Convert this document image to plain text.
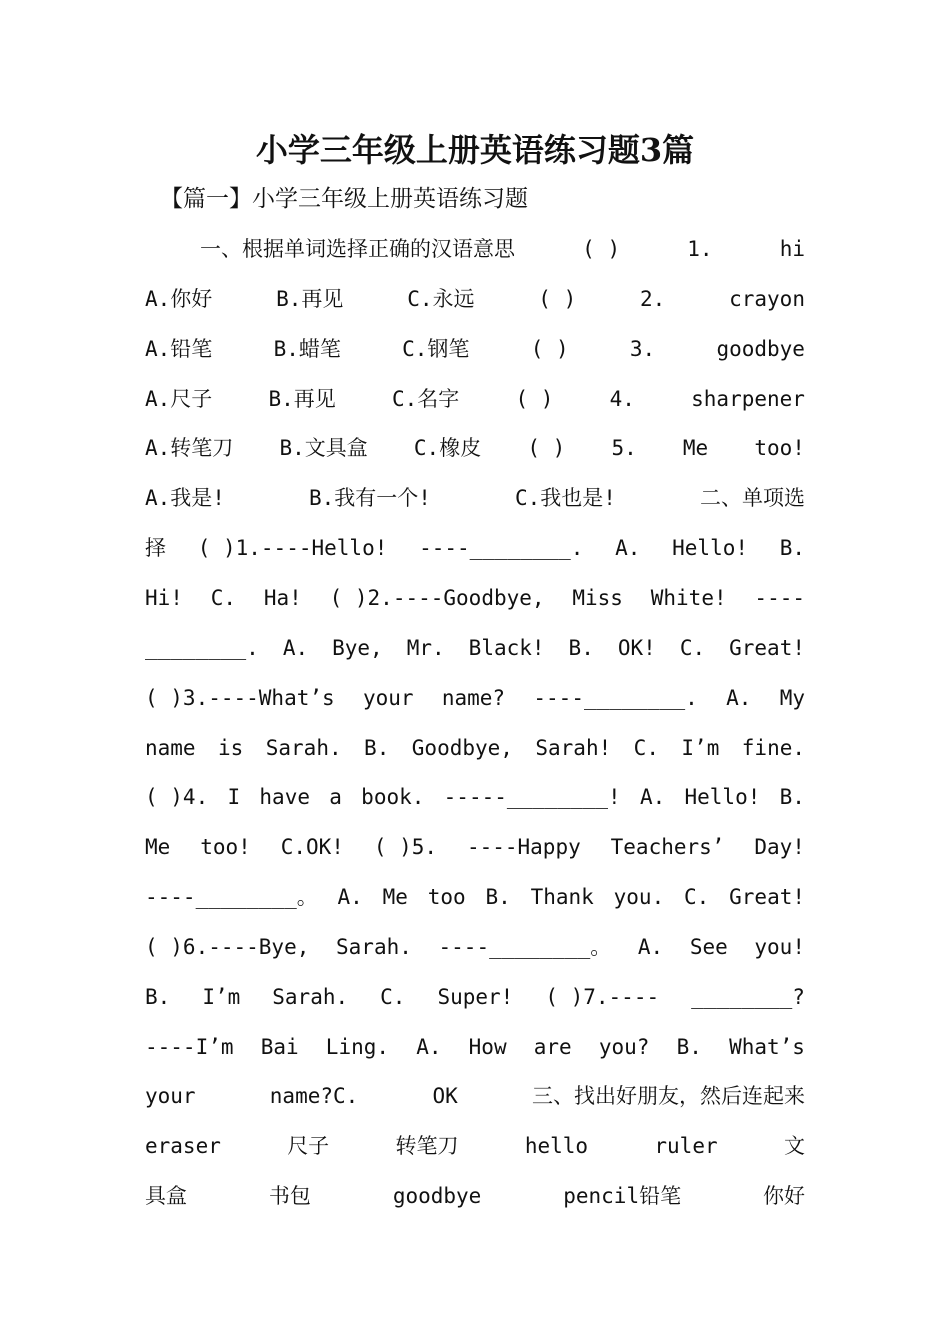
小学三年级上册英语练习题3篇
【篇一】小学三年级上册英语练习题
一、根据单词选择正确的汉语意思	( )	1.	hi
A.你好	B.再见	C.永远	( )	2.	crayon
A.铅笔	B.蜡笔	C.钢笔	( )	3.	goodbye
A.尺子	B.再见	C.名字	( )	4.	sharpener
A.转笔刀 B.文具盒 C.橡皮 ( ) 5. Me too!
A.我是!	B.我有一个!	C.我也是!	二、单项选
择 ( )1.----Hello! ----________. A. Hello! B.
Hi! C. Ha! ( )2.----Goodbye, Miss White! ----
________. A. Bye, Mr. Black! B. OK! C. Great!
( )3.----What’s your name? ----________. A. My
name is Sarah. B. Goodbye, Sarah! C. I’m fine.
( )4. I have a book. -----________! A. Hello! B.
Me too! C.OK! ( )5. ----Happy Teachers’ Day!
----________。 A. Me too B. Thank you. C. Great!
( )6.----Bye, Sarah. ----________。 A. See you!
B. I’m Sarah. C. Super! ( )7.---- ________?
----I’m Bai Ling. A. How are you? B. What’s
your	name?C.	OK	三、找出好朋友，然后连起来
eraser	尺子	转笔刀	hello	ruler	文
具盒	书包	goodbye	pencil铅笔	你好
